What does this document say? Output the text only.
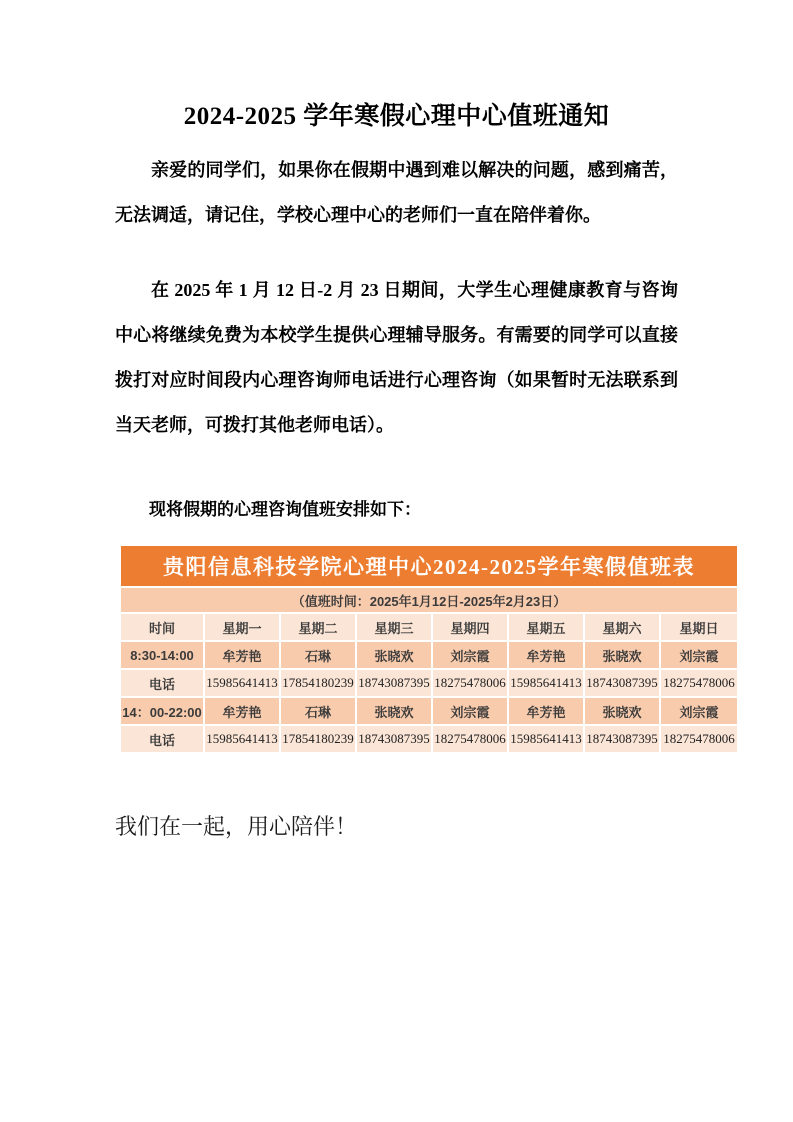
2024-2025 学年寒假心理中心值班通知

亲爱的同学们，如果你在假期中遇到难以解决的问题，感到痛苦，无法调适，请记住，学校心理中心的老师们一直在陪伴着你。

在 2025 年 1 月 12 日-2 月 23 日期间，大学生心理健康教育与咨询中心将继续免费为本校学生提供心理辅导服务。有需要的同学可以直接拨打对应时间段内心理咨询师电话进行心理咨询（如果暂时无法联系到当天老师，可拨打其他老师电话）。

现将假期的心理咨询值班安排如下：

贵阳信息科技学院心理中心2024-2025学年寒假值班表							
（值班时间：2025年1月12日-2025年2月23日）							
时间	星期一	星期二	星期三	星期四	星期五	星期六	星期日
8:30-14:00	牟芳艳	石琳	张晓欢	刘宗霞	牟芳艳	张晓欢	刘宗霞
电话	15985641413	17854180239	18743087395	18275478006	15985641413	18743087395	18275478006
14：00-22:00	牟芳艳	石琳	张晓欢	刘宗霞	牟芳艳	张晓欢	刘宗霞
电话	15985641413	17854180239	18743087395	18275478006	15985641413	18743087395	18275478006

我们在一起，用心陪伴！
